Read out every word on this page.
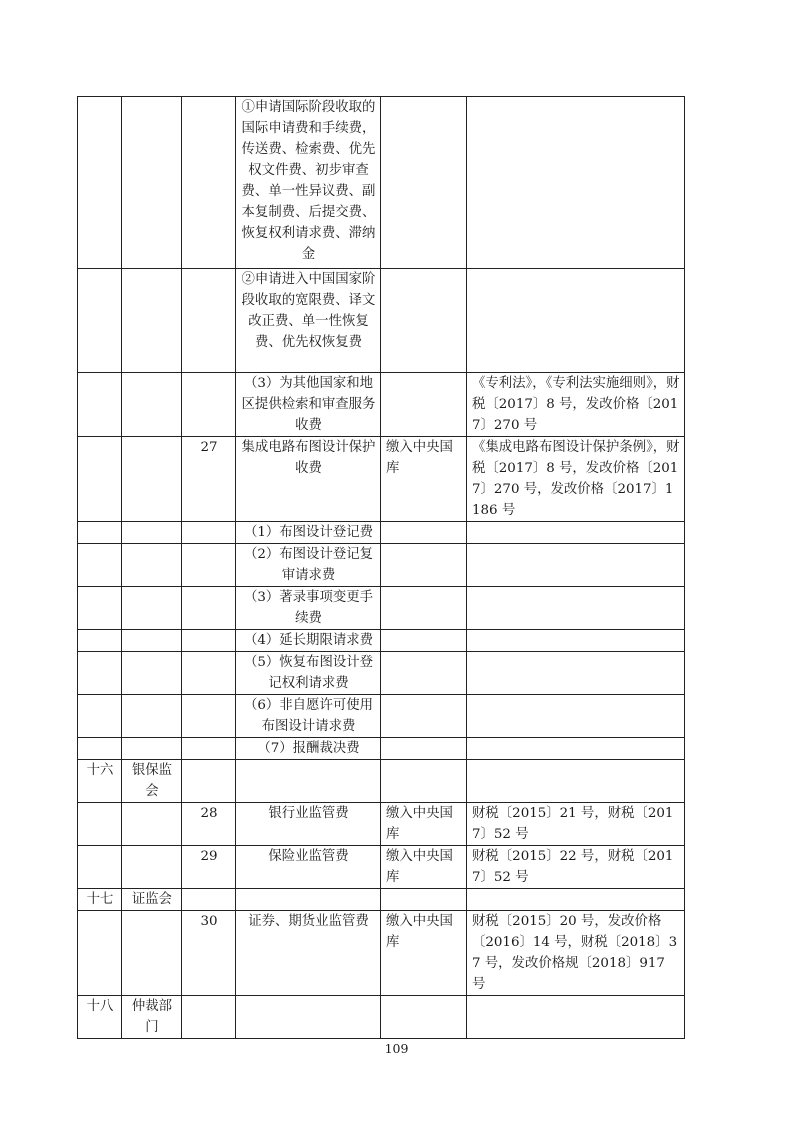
			①申请国际阶段收取的国际申请费和手续费，传送费、检索费、优先权文件费、初步审查费、单一性异议费、副本复制费、后提交费、恢复权利请求费、滞纳金		
			②申请进入中国国家阶段收取的宽限费、译文改正费、单一性恢复费、优先权恢复费		
			（3）为其他国家和地区提供检索和审查服务收费		《专利法》，《专利法实施细则》，财税〔2017〕8 号，发改价格〔2017〕270 号
		27	集成电路布图设计保护收费	缴入中央国库	《集成电路布图设计保护条例》，财税〔2017〕8 号，发改价格〔2017〕270 号，发改价格〔2017〕1186 号
			（1）布图设计登记费		
			（2）布图设计登记复审请求费		
			（3）著录事项变更手续费		
			（4）延长期限请求费		
			（5）恢复布图设计登记权利请求费		
			（6）非自愿许可使用布图设计请求费		
			（7）报酬裁决费		
十六	银保监会				
		28	银行业监管费	缴入中央国库	财税〔2015〕21 号，财税〔2017〕52 号
		29	保险业监管费	缴入中央国库	财税〔2015〕22 号，财税〔2017〕52 号
十七	证监会				
		30	证券、期货业监管费	缴入中央国库	财税〔2015〕20 号，发改价格〔2016〕14 号，财税〔2018〕37 号，发改价格规〔2018〕917 号
十八	仲裁部门				
109
